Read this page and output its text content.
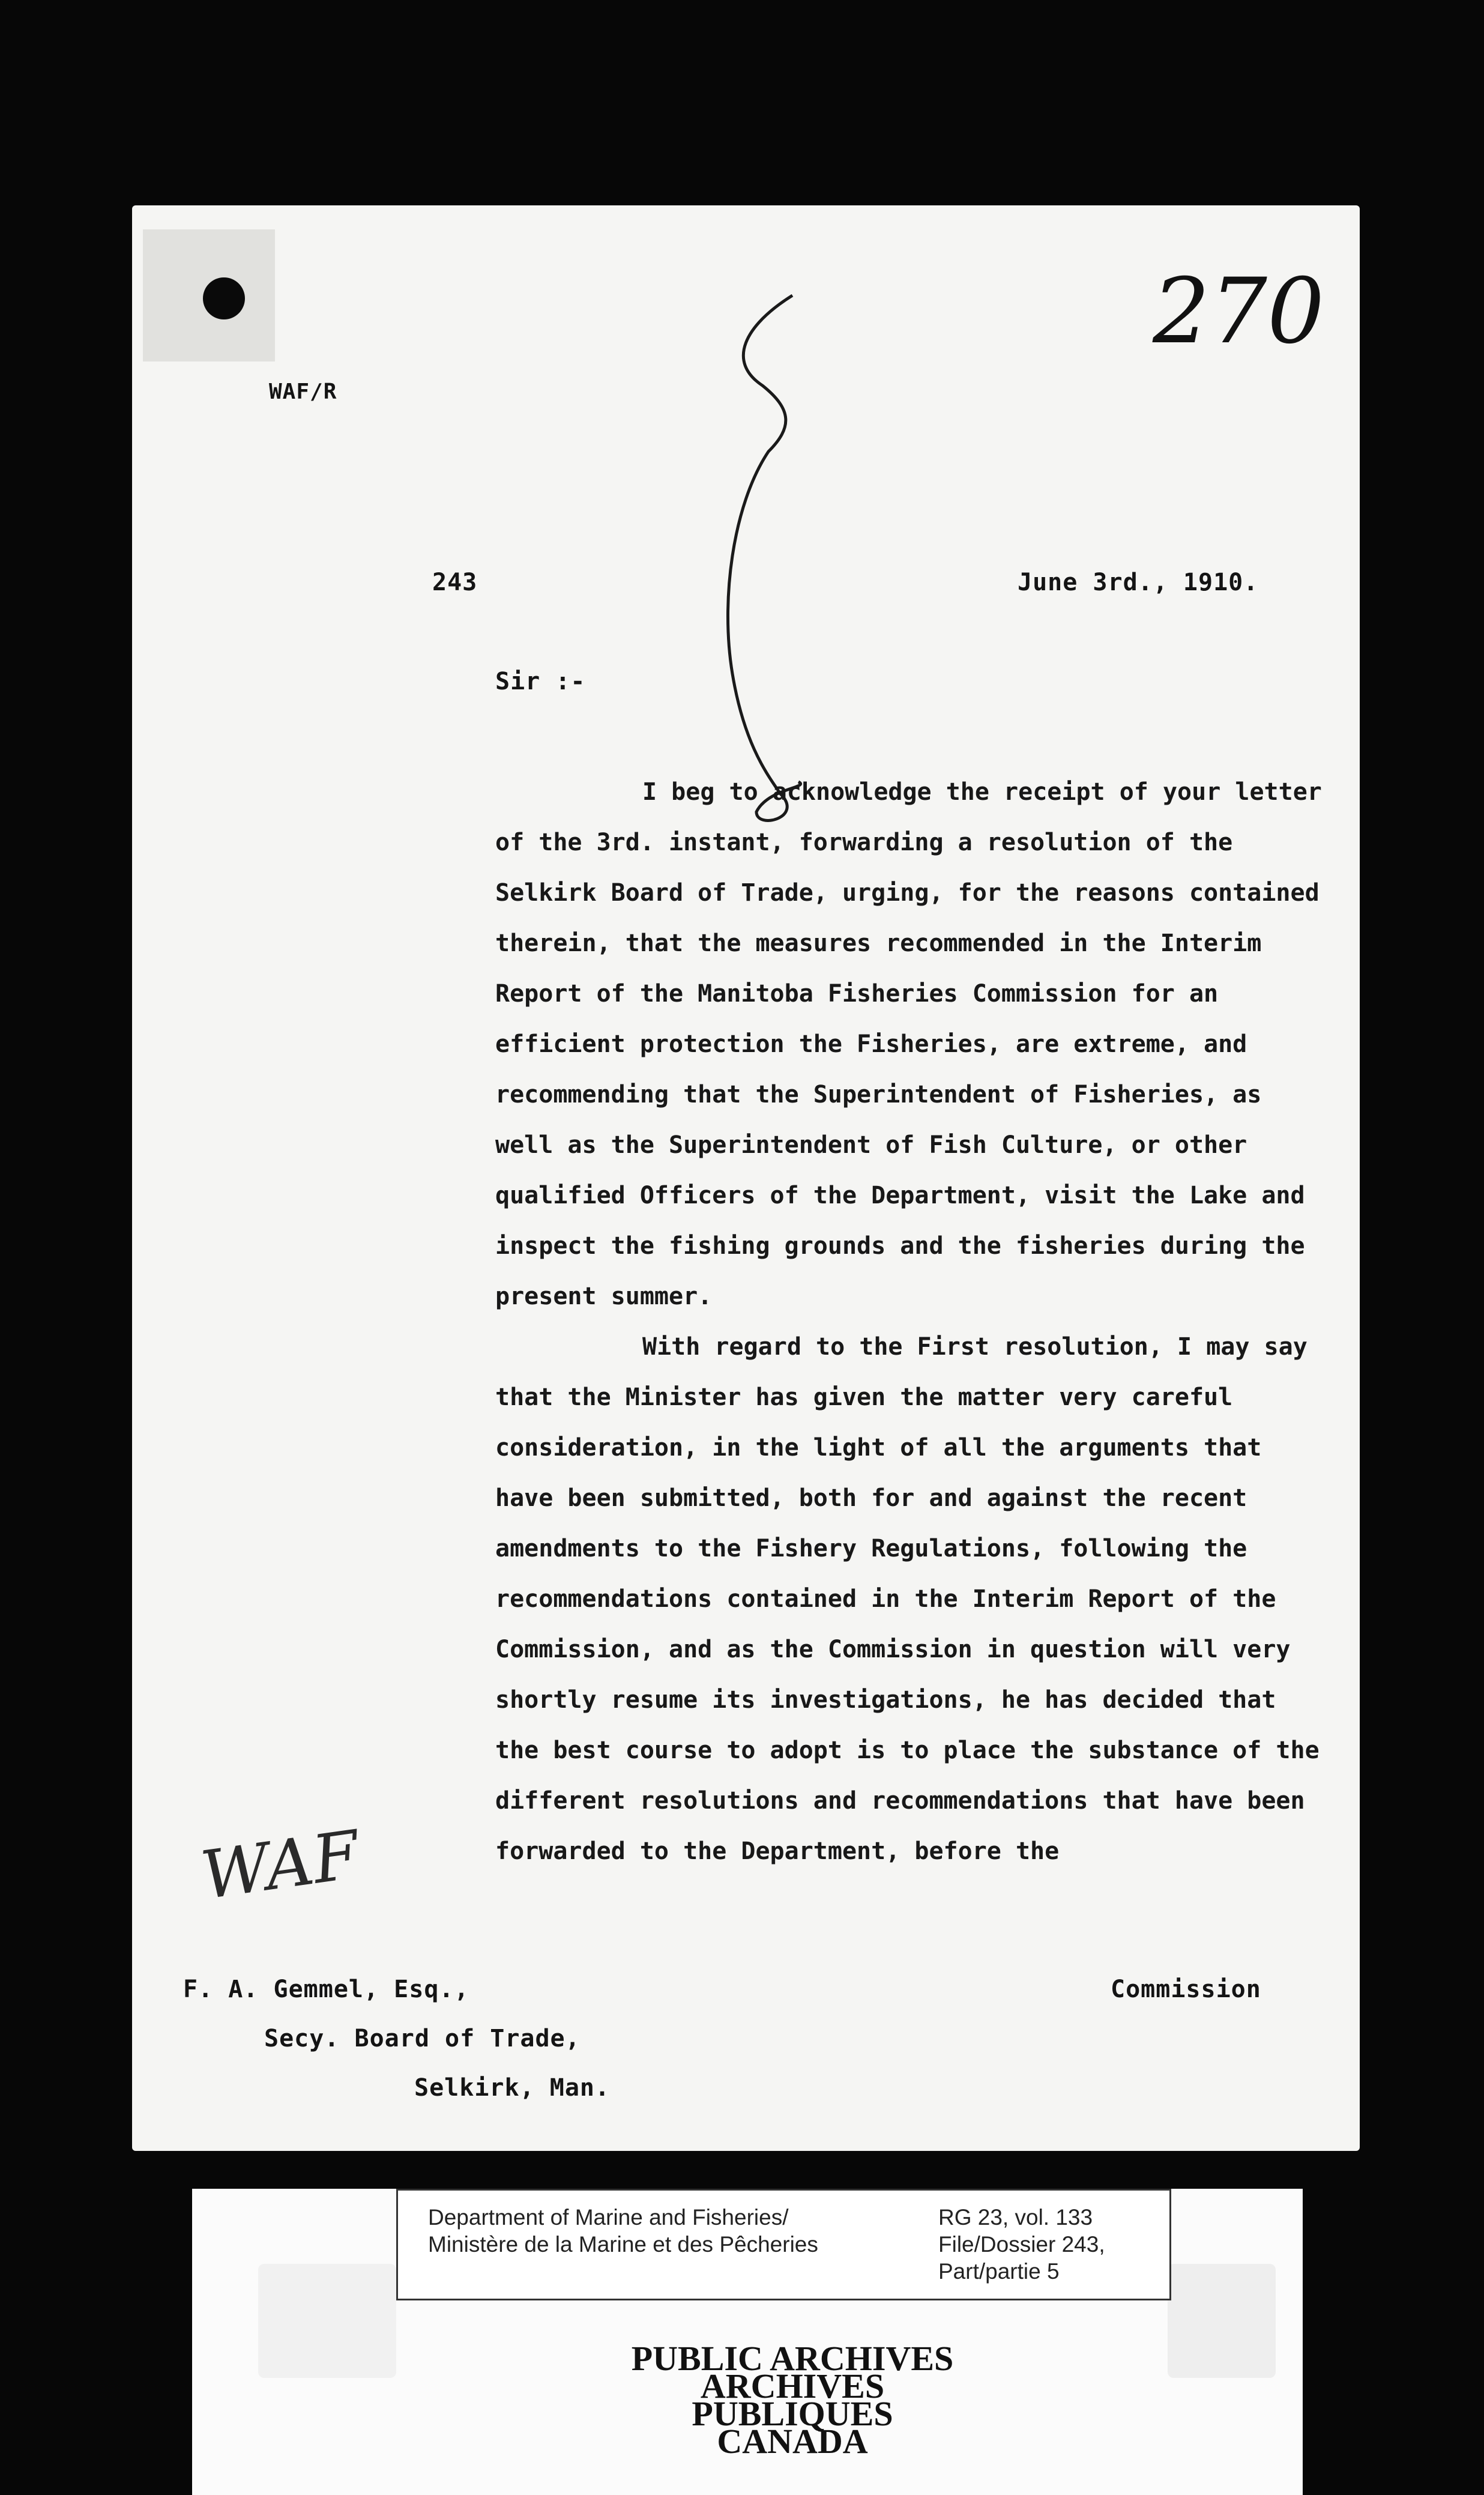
WAF/R
270
243	June 3rd., 1910.
Sir :-

I beg to acknowledge the receipt of your letter of the 3rd. instant, forwarding a resolution of the Selkirk Board of Trade, urging, for the reasons contained therein, that the measures recommended in the Interim Report of the Manitoba Fisheries Commission for an efficient protection the Fisheries, are extreme, and recommending that the Superintendent of Fisheries, as well as the Superintendent of Fish Culture, or other qualified Officers of the Department, visit the Lake and inspect the fishing grounds and the fisheries during the present summer.

With regard to the First resolution, I may say that the Minister has given the matter very careful consideration, in the light of all the arguments that have been submitted, both for and against the recent amendments to the Fishery Regulations, following the recommendations contained in the Interim Report of the Commission, and as the Commission in question will very shortly resume its investigations, he has decided that the best course to adopt is to place the substance of the different resolutions and recommendations that have been forwarded to the Department, before the

Commission
WAF
F. A. Gemmel, Esq.,
Secy. Board of Trade,
Selkirk, Man.
Department of Marine and Fisheries/
Ministère de la Marine et des Pêcheries
RG 23, vol. 133
File/Dossier 243,
Part/partie 5
PUBLIC ARCHIVES
ARCHIVES PUBLIQUES
CANADA
